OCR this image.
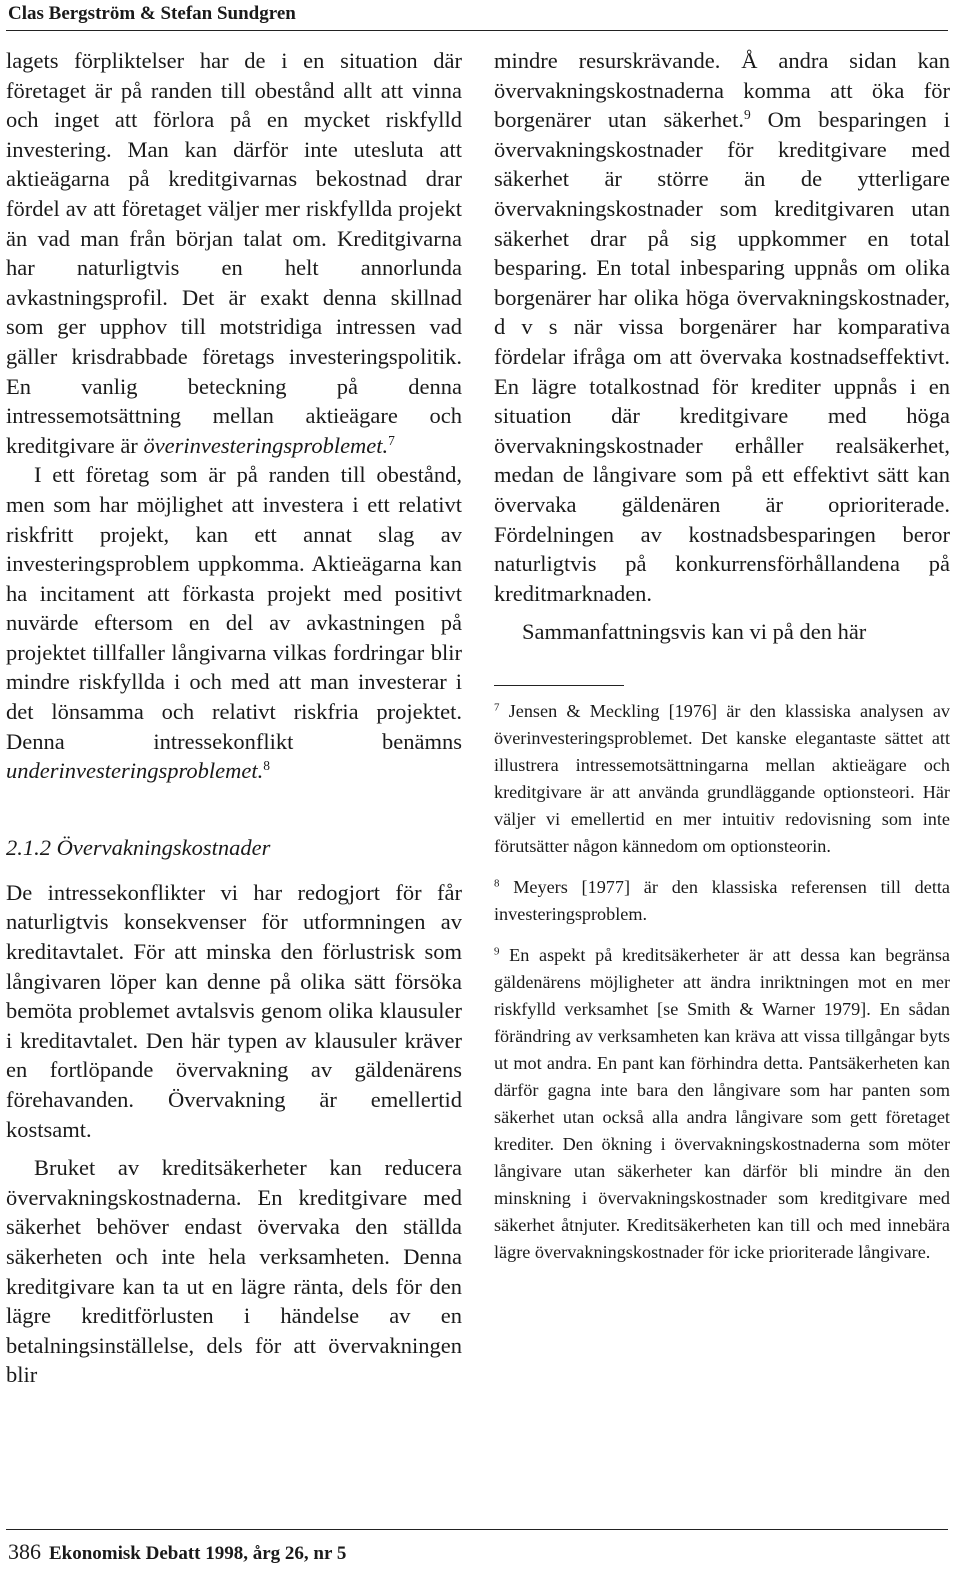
Clas Bergström & Stefan Sundgren

lagets förpliktelser har de i en situation där företaget är på randen till obestånd allt att vinna och inget att förlora på en mycket riskfylld investering. Man kan därför inte utesluta att aktieägarna på kreditgivarnas bekostnad drar fördel av att företaget väljer mer riskfyllda projekt än vad man från början talat om. Kreditgivarna har naturligtvis en helt annorlunda avkastningsprofil. Det är exakt denna skillnad som ger upphov till motstridiga intressen vad gäller krisdrabbade företags investeringspolitik. En vanlig beteckning på denna intressemotsättning mellan aktieägare och kreditgivare är överinvesteringsproblemet.$^7$

I ett företag som är på randen till obestånd, men som har möjlighet att investera i ett relativt riskfritt projekt, kan ett annat slag av investeringsproblem uppkomma. Aktieägarna kan ha incitament att förkasta projekt med positivt nuvärde eftersom en del av avkastningen på projektet tillfaller långivarna vilkas fordringar blir mindre riskfyllda i och med att man investerar i det lönsamma och relativt riskfria projektet. Denna intressekonflikt benämns underinvesteringsproblemet.$^8$

2.1.2 Övervakningskostnader

De intressekonflikter vi har redogjort för får naturligtvis konsekvenser för utformningen av kreditavtalet. För att minska den förlustrisk som långivaren löper kan denne på olika sätt försöka bemöta problemet avtalsvis genom olika klausuler i kreditavtalet. Den här typen av klausuler kräver en fortlöpande övervakning av gäldenärens förehavanden. Övervakning är emellertid kostsamt.

Bruket av kreditsäkerheter kan reducera övervakningskostnaderna. En kreditgivare med säkerhet behöver endast övervaka den ställda säkerheten och inte hela verksamheten. Denna kreditgivare kan ta ut en lägre ränta, dels för den lägre kreditförlusten i händelse av en betalningsinställelse, dels för att övervakningen blir

mindre resurskrävande. Å andra sidan kan övervakningskostnaderna komma att öka för borgenärer utan säkerhet.$^9$ Om besparingen i övervakningskostnader för kreditgivare med säkerhet är större än de ytterligare övervakningskostnader som kreditgivaren utan säkerhet drar på sig uppkommer en total besparing. En total inbesparing uppnås om olika borgenärer har olika höga övervakningskostnader, d v s när vissa borgenärer har komparativa fördelar ifråga om att övervaka kostnadseffektivt. En lägre totalkostnad för krediter uppnås i en situation där kreditgivare med höga övervakningskostnader erhåller realsäkerhet, medan de långivare som på ett effektivt sätt kan övervaka gäldenären är oprioriterade. Fördelningen av kostnadsbesparingen beror naturligtvis på konkurrensförhållandena på kreditmarknaden.

Sammanfattningsvis kan vi på den här

$^7$ Jensen & Meckling [1976] är den klassiska analysen av överinvesteringsproblemet. Det kanske elegantaste sättet att illustrera intressemotsättningarna mellan aktieägare och kreditgivare är att använda grundläggande optionsteori. Här väljer vi emellertid en mer intuitiv redovisning som inte förutsätter någon kännedom om optionsteorin.

$^8$ Meyers [1977] är den klassiska referensen till detta investeringsproblem.

$^9$ En aspekt på kreditsäkerheter är att dessa kan begränsa gäldenärens möjligheter att ändra inriktningen mot en mer riskfylld verksamhet [se Smith & Warner 1979]. En sådan förändring av verksamheten kan kräva att vissa tillgångar byts ut mot andra. En pant kan förhindra detta. Pantsäkerheten kan därför gagna inte bara den långivare som har panten som säkerhet utan också alla andra långivare som gett företaget krediter. Den ökning i övervakningskostnaderna som möter långivare utan säkerheter kan därför bli mindre än den minskning i övervakningskostnader som kreditgivare med säkerhet åtnjuter. Kreditsäkerheten kan till och med innebära lägre övervakningskostnader för icke prioriterade långivare.

386 Ekonomisk Debatt 1998, årg 26, nr 5
